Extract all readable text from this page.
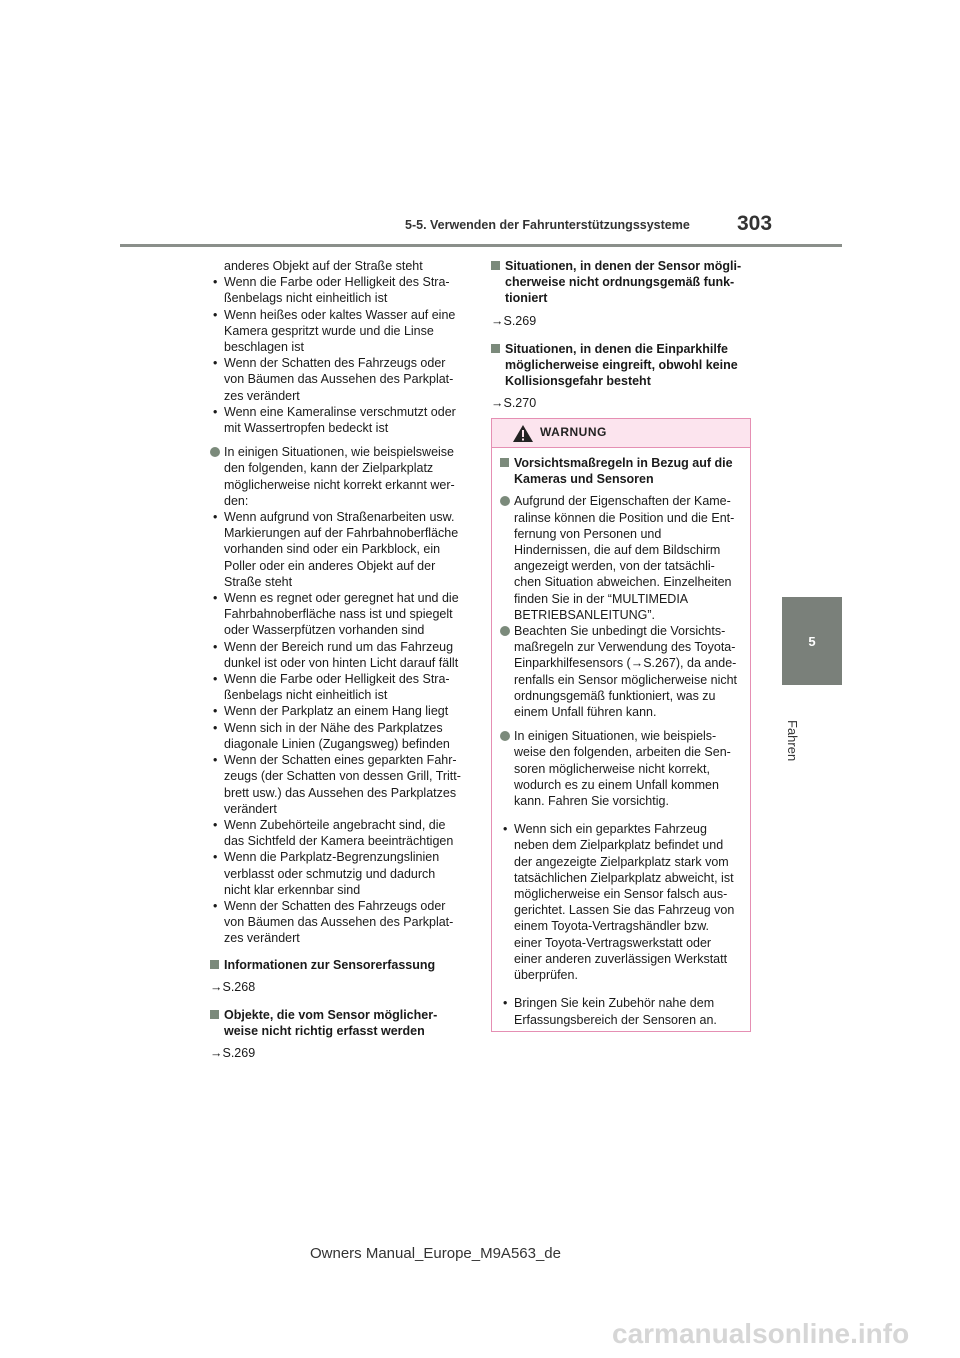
5-5. Verwenden der Fahrunterstützungssysteme 303
5
Fahren
anderes Objekt auf der Straße steht
• Wenn die Farbe oder Helligkeit des Stra-
ßenbelags nicht einheitlich ist
• Wenn heißes oder kaltes Wasser auf eine
Kamera gespritzt wurde und die Linse
beschlagen ist
• Wenn der Schatten des Fahrzeugs oder
von Bäumen das Aussehen des Parkplat-
zes verändert
• Wenn eine Kameralinse verschmutzt oder
mit Wassertropfen bedeckt ist
In einigen Situationen, wie beispielsweise
den folgenden, kann der Zielparkplatz
möglicherweise nicht korrekt erkannt wer-
den:
• Wenn aufgrund von Straßenarbeiten usw.
Markierungen auf der Fahrbahnoberfläche
vorhanden sind oder ein Parkblock, ein
Poller oder ein anderes Objekt auf der
Straße steht
• Wenn es regnet oder geregnet hat und die
Fahrbahnoberfläche nass ist und spiegelt
oder Wasserpfützen vorhanden sind
• Wenn der Bereich rund um das Fahrzeug
dunkel ist oder von hinten Licht darauf fällt
• Wenn die Farbe oder Helligkeit des Stra-
ßenbelags nicht einheitlich ist
• Wenn der Parkplatz an einem Hang liegt
• Wenn sich in der Nähe des Parkplatzes
diagonale Linien (Zugangsweg) befinden
• Wenn der Schatten eines geparkten Fahr-
zeugs (der Schatten von dessen Grill, Tritt-
brett usw.) das Aussehen des Parkplatzes
verändert
• Wenn Zubehörteile angebracht sind, die
das Sichtfeld der Kamera beeinträchtigen
• Wenn die Parkplatz-Begrenzungslinien
verblasst oder schmutzig und dadurch
nicht klar erkennbar sind
• Wenn der Schatten des Fahrzeugs oder
von Bäumen das Aussehen des Parkplat-
zes verändert
Informationen zur Sensorerfassung
→S.268
Objekte, die vom Sensor möglicher-
weise nicht richtig erfasst werden
→S.269
Situationen, in denen der Sensor mögli-
cherweise nicht ordnungsgemäß funk-
tioniert
→S.269
Situationen, in denen die Einparkhilfe
möglicherweise eingreift, obwohl keine
Kollisionsgefahr besteht
→S.270
WARNUNG
Vorsichtsmaßregeln in Bezug auf die
Kameras und Sensoren
Aufgrund der Eigenschaften der Kame-
ralinse können die Position und die Ent-
fernung von Personen und
Hindernissen, die auf dem Bildschirm
angezeigt werden, von der tatsächli-
chen Situation abweichen. Einzelheiten
finden Sie in der “MULTIMEDIA
BETRIEBSANLEITUNG”.
Beachten Sie unbedingt die Vorsichts-
maßregeln zur Verwendung des Toyota-
Einparkhilfesensors (→S.267), da ande-
renfalls ein Sensor möglicherweise nicht
ordnungsgemäß funktioniert, was zu
einem Unfall führen kann.
In einigen Situationen, wie beispiels-
weise den folgenden, arbeiten die Sen-
soren möglicherweise nicht korrekt,
wodurch es zu einem Unfall kommen
kann. Fahren Sie vorsichtig.
• Wenn sich ein geparktes Fahrzeug
neben dem Zielparkplatz befindet und
der angezeigte Zielparkplatz stark vom
tatsächlichen Zielparkplatz abweicht, ist
möglicherweise ein Sensor falsch aus-
gerichtet. Lassen Sie das Fahrzeug von
einem Toyota-Vertragshändler bzw.
einer Toyota-Vertragswerkstatt oder
einer anderen zuverlässigen Werkstatt
überprüfen.
• Bringen Sie kein Zubehör nahe dem
Erfassungsbereich der Sensoren an.
Owners Manual_Europe_M9A563_de
carmanualsonline.info
